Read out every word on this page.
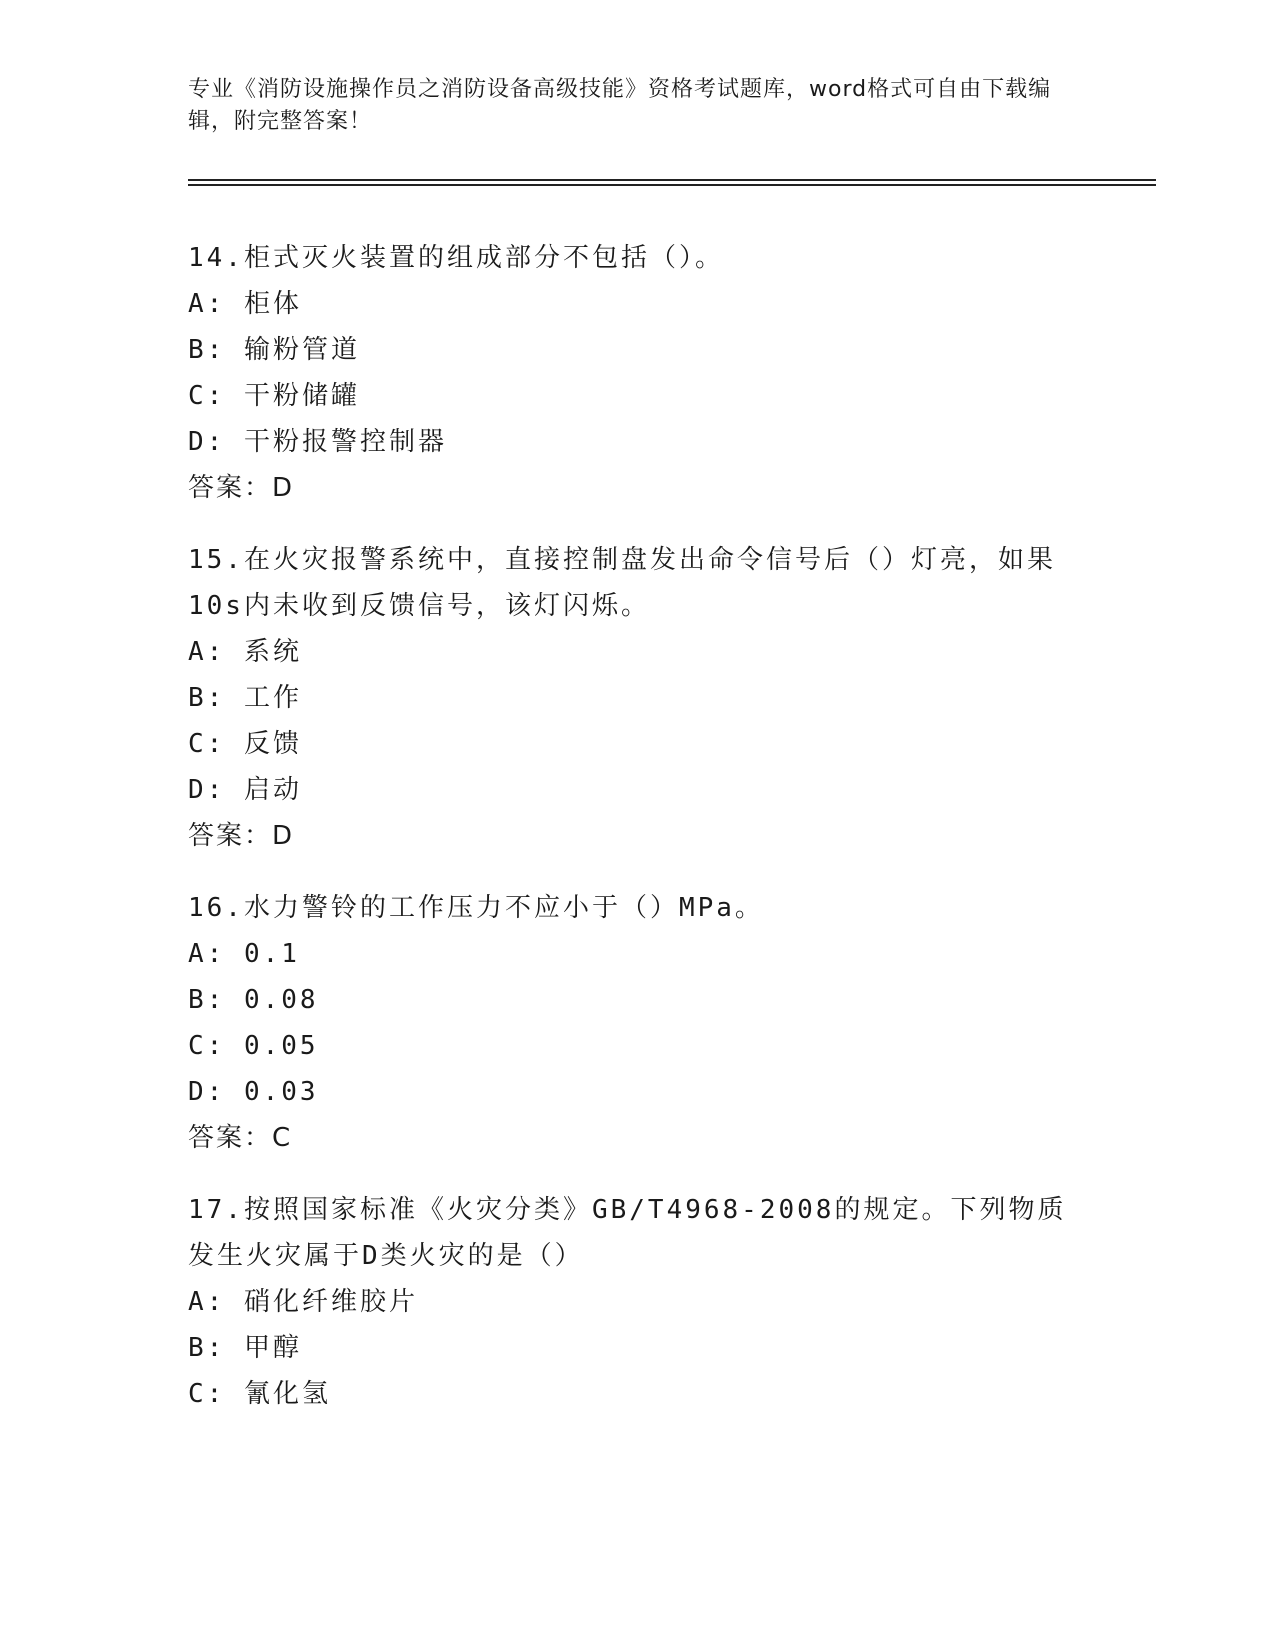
专业《消防设施操作员之消防设备高级技能》资格考试题库，word格式可自由下载编辑，附完整答案！
14.柜式灭火装置的组成部分不包括（）。
A: 柜体
B: 输粉管道
C: 干粉储罐
D: 干粉报警控制器
答案：D
15.在火灾报警系统中，直接控制盘发出命令信号后（）灯亮，如果10s内未收到反馈信号，该灯闪烁。
A: 系统
B: 工作
C: 反馈
D: 启动
答案：D
16.水力警铃的工作压力不应小于（）MPa。
A: 0.1
B: 0.08
C: 0.05
D: 0.03
答案：C
17.按照国家标准《火灾分类》GB/T4968-2008的规定。下列物质发生火灾属于D类火灾的是（）
A: 硝化纤维胶片
B: 甲醇
C: 氰化氢
